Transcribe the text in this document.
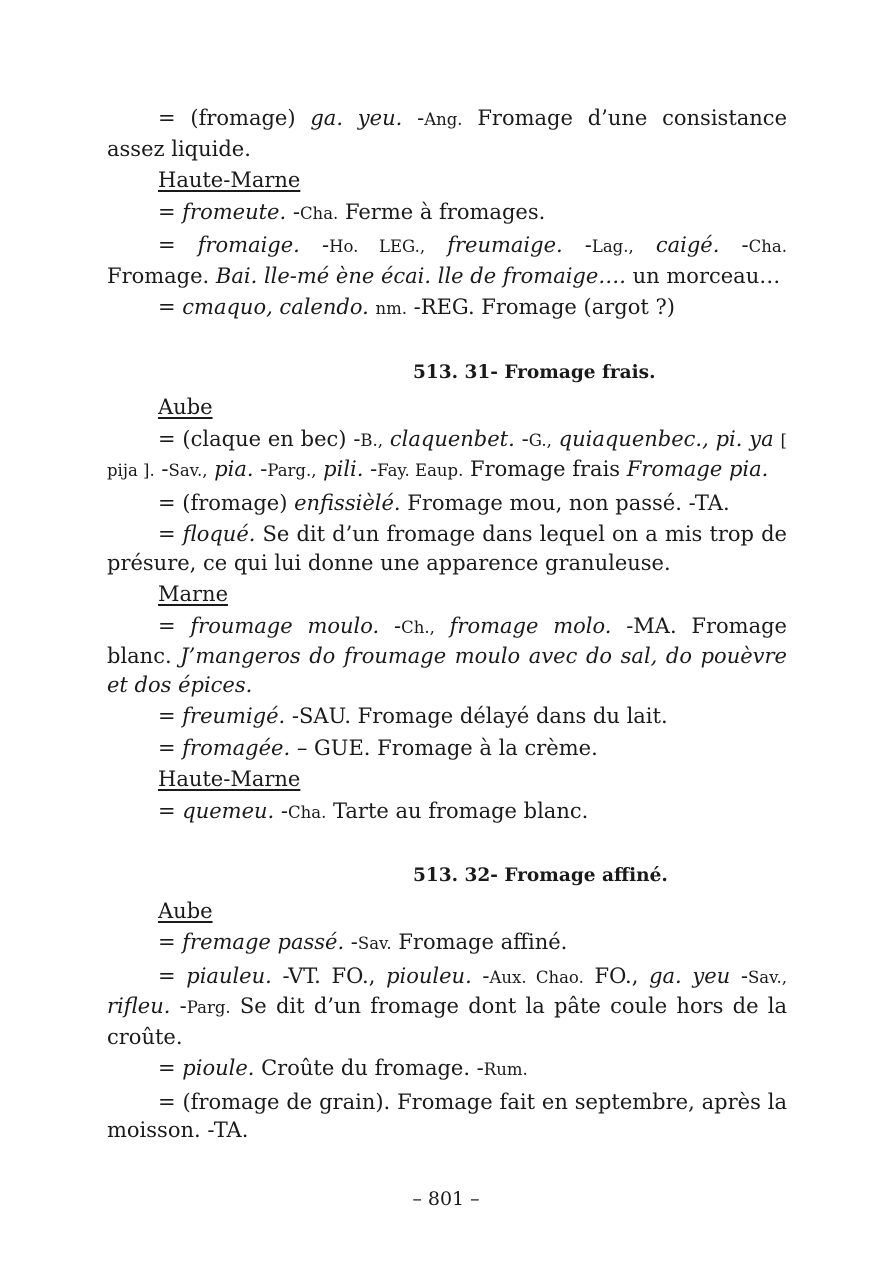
= (fromage) ga. yeu. -Ang. Fromage d’une consistance assez liquide.

Haute-Marne

= fromeute. -Cha. Ferme à fromages.

= fromaige. -Ho. LEG., freumaige. -Lag., caigé. -Cha. Fromage. Bai. lle-mé ène écai. lle de fromaige…. un morceau…

= cmaquo, calendo. nm. -REG. Fromage (argot ?)

513. 31- Fromage frais.
Aube

= (claque en bec) -B., claquenbet. -G., quiaquenbec., pi. ya [ pija ]. -Sav., pia. -Parg., pili. -Fay. Eaup. Fromage frais Fromage pia.

= (fromage) enfissièlé. Fromage mou, non passé. -TA.

= floqué. Se dit d’un fromage dans lequel on a mis trop de présure, ce qui lui donne une apparence granuleuse.

Marne

= froumage moulo. -Ch., fromage molo. -MA. Fromage blanc. J’mangeros do froumage moulo avec do sal, do pouèvre et dos épices.

= freumigé. -SAU. Fromage délayé dans du lait.

= fromagée. – GUE. Fromage à la crème.

Haute-Marne

= quemeu. -Cha. Tarte au fromage blanc.

513. 32- Fromage affiné.
Aube

= fremage passé. -Sav. Fromage affiné.

= piauleu. -VT. FO., piouleu. -Aux. Chao. FO., ga. yeu -Sav., rifleu. -Parg. Se dit d’un fromage dont la pâte coule hors de la croûte.

= pioule. Croûte du fromage. -Rum.

= (fromage de grain). Fromage fait en septembre, après la moisson. -TA.

– 801 –
